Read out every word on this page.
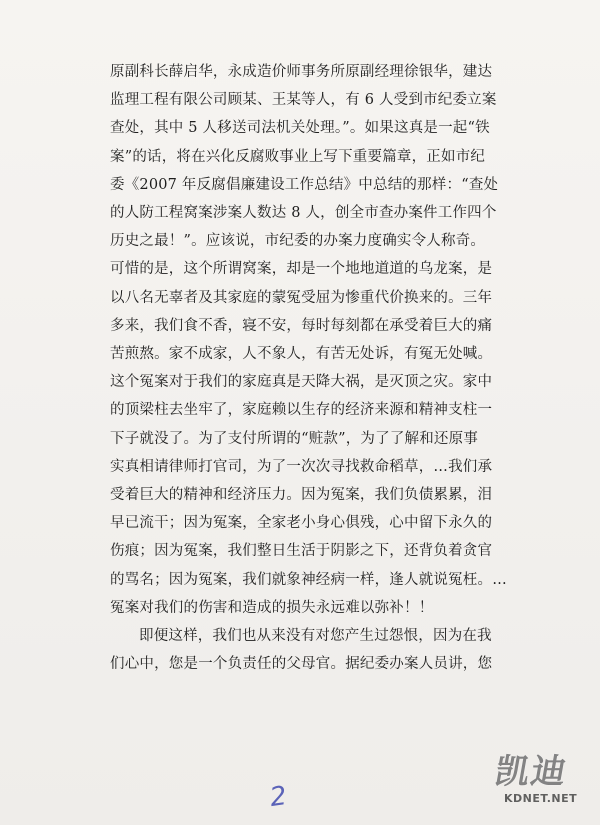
原副科长薛启华，永成造价师事务所原副经理徐银华，建达
监理工程有限公司顾某、王某等人，有 6 人受到市纪委立案
查处，其中 5 人移送司法机关处理。”。如果这真是一起“铁
案”的话，将在兴化反腐败事业上写下重要篇章，正如市纪
委《2007 年反腐倡廉建设工作总结》中总结的那样：“查处
的人防工程窝案涉案人数达 8 人，创全市查办案件工作四个
历史之最！”。应该说，市纪委的办案力度确实令人称奇。
可惜的是，这个所谓窝案，却是一个地地道道的乌龙案，是
以八名无辜者及其家庭的蒙冤受屈为惨重代价换来的。三年
多来，我们食不香，寝不安，每时每刻都在承受着巨大的痛
苦煎熬。家不成家，人不象人，有苦无处诉，有冤无处喊。
这个冤案对于我们的家庭真是天降大祸，是灭顶之灾。家中
的顶梁柱去坐牢了，家庭赖以生存的经济来源和精神支柱一
下子就没了。为了支付所谓的“赃款”，为了了解和还原事
实真相请律师打官司，为了一次次寻找救命稻草，…我们承
受着巨大的精神和经济压力。因为冤案，我们负债累累，泪
早已流干；因为冤案，全家老小身心俱残，心中留下永久的
伤痕；因为冤案，我们整日生活于阴影之下，还背负着贪官
的骂名；因为冤案，我们就象神经病一样，逢人就说冤枉。…
冤案对我们的伤害和造成的损失永远难以弥补！！
即便这样，我们也从来没有对您产生过怨恨，因为在我
们心中，您是一个负责任的父母官。据纪委办案人员讲，您
2
凯迪
KDNET.NET
